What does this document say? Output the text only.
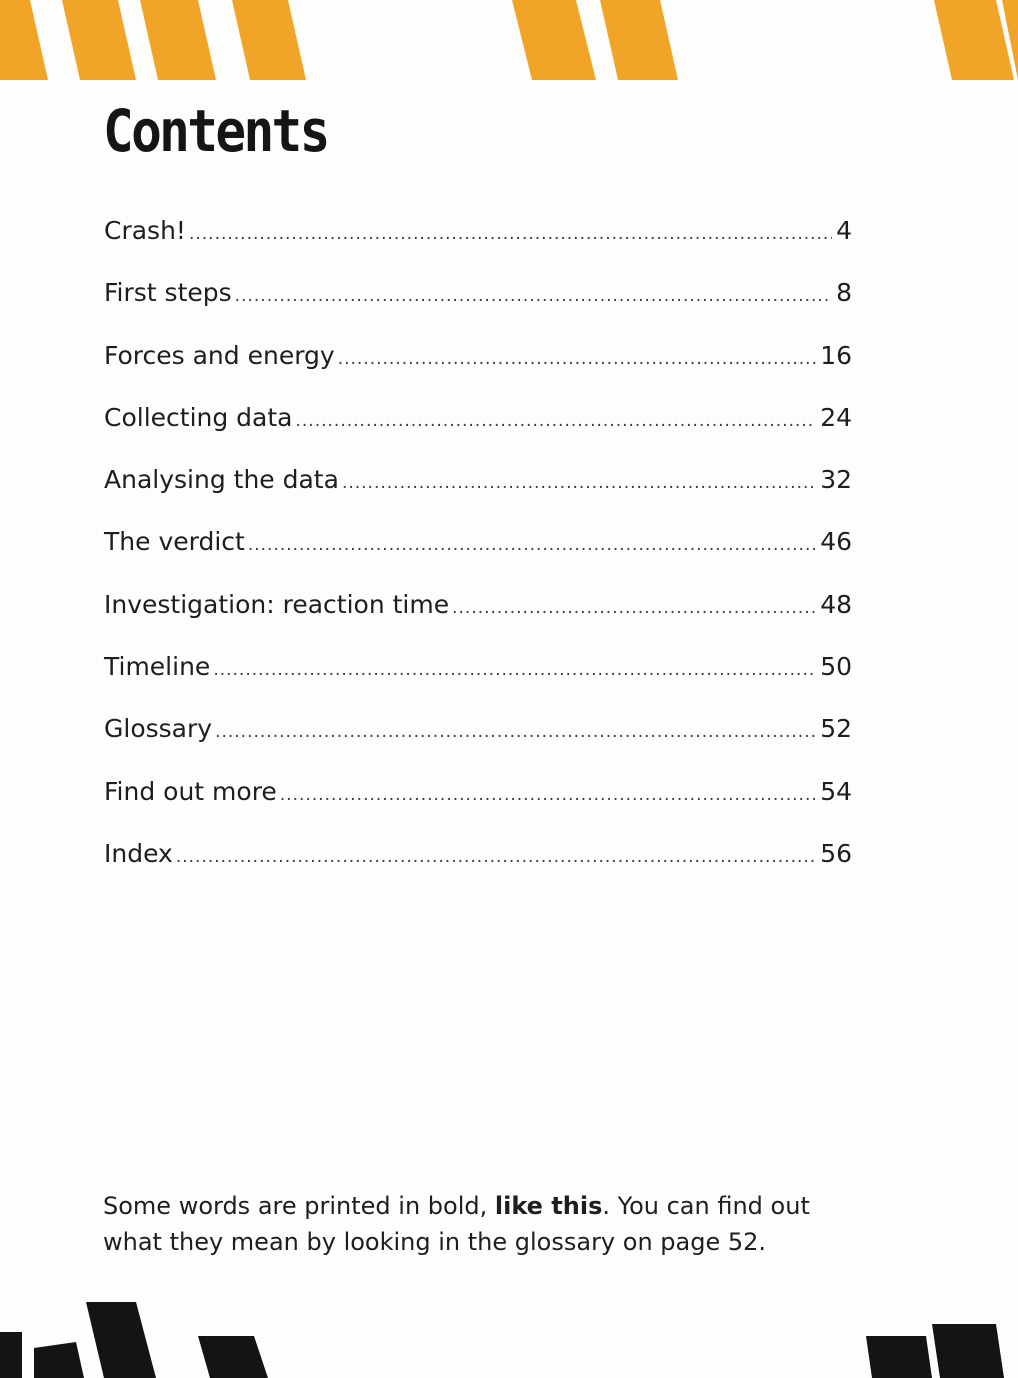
Contents
Crash! .....	4
First steps .....	8
Forces and energy .....	16
Collecting data .....	24
Analysing the data .....	32
The verdict .....	46
Investigation: reaction time .....	48
Timeline .....	50
Glossary .....	52
Find out more .....	54
Index .....	56

Some words are printed in bold, like this. You can find out what they mean by looking in the glossary on page 52.
